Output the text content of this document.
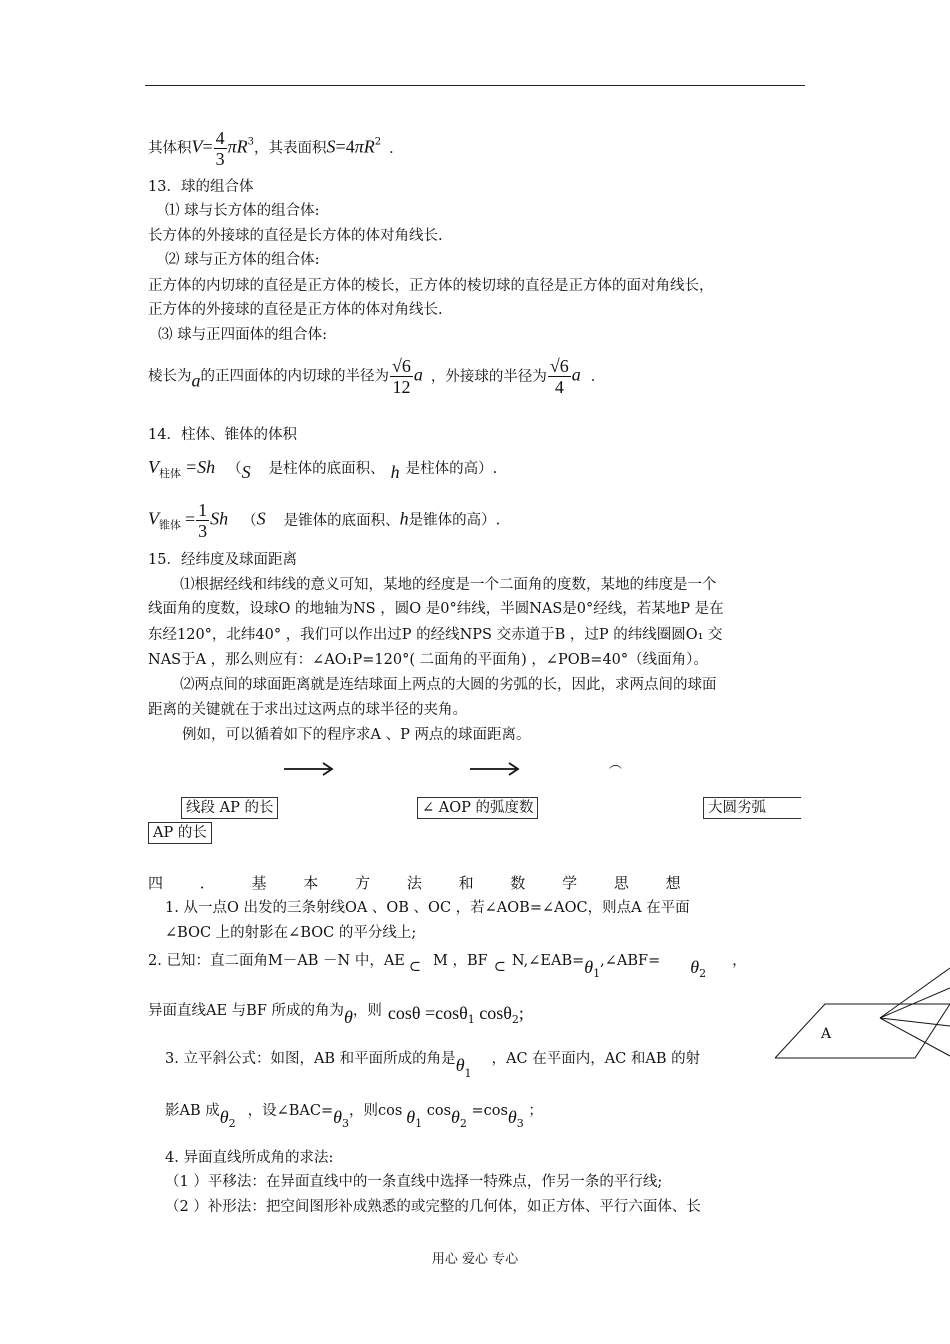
其体积$V= \frac{4}{3} \pi R^3$，其表面积$S=4\pi R^2$ ．
13．球的组合体
⑴ 球与长方体的组合体:
长方体的外接球的直径是长方体的体对角线长.
⑵ 球与正方体的组合体:
正方体的内切球的直径是正方体的棱长，正方体的棱切球的直径是正方体的面对角线长，
正方体的外接球的直径是正方体的体对角线长.
⑶ 球与正四面体的组合体:
棱长为a的正四面体的内切球的半径为 $\frac{√6}{12}$ a ，外接球的半径为 $\frac{√6}{4}$ a ．
14．柱体、锥体的体积
$V_{柱体} =Sh$ （S 是柱体的底面积、 h 是柱体的高）.
$V_{锥体} = \frac{1}{3}$ Sh （S 是锥体的底面积、h是锥体的高）.
15．经纬度及球面距离
⑴根据经线和纬线的意义可知，某地的经度是一个二面角的度数，某地的纬度是一个
线面角的度数，设球O 的地轴为NS ，圆O 是0°纬线，半圆NAS是0°经线，若某地P 是在
东经120°，北纬40° ，我们可以作出过P 的经线NPS 交赤道于B ，过P 的纬线圈圆O₁ 交
NAS于A ，那么则应有：∠AO₁P=120°( 二面角的平面角) ，∠POB=40°（线面角）。
⑵两点间的球面距离就是连结球面上两点的大圆的劣弧的长，因此，求两点间的球面
距离的关键就在于求出过这两点的球半径的夹角。
例如，可以循着如下的程序求A 、P 两点的球面距离。
︵
线段 AP 的长	∠ AOP 的弧度数	大圆劣弧
AP 的长
四 ． 基 本 方 法 和 数 学 思 想
1. 从一点O 出发的三条射线OA 、OB 、OC ，若∠AOB=∠AOC，则点A 在平面
∠BOC 上的射影在∠BOC 的平分线上;
2. 已知：直二面角M－AB －N 中，AE ⊂ M ，BF ⊂ $N,\angle EAB=\theta_1,\angle ABF= \theta_2$，
异面直线AE 与BF 所成的角为θ，则 cosθ =cosθ$_1$ cosθ$_2$;
3. 立平斜公式：如图，AB 和平面所成的角是$\theta_1$，AC 在平面内，AC 和AB 的射
影AB 成$\theta_2$，设$\angle BAC=\theta_3$，则$\cos \theta_1$ cosθ$_2$ =cosθ$_3$ ；
4. 异面直线所成角的求法:
（1 ）平移法：在异面直线中的一条直线中选择一特殊点，作另一条的平行线;
（2 ）补形法：把空间图形补成熟悉的或完整的几何体，如正方体、平行六面体、长
A
用心 爱心 专心
